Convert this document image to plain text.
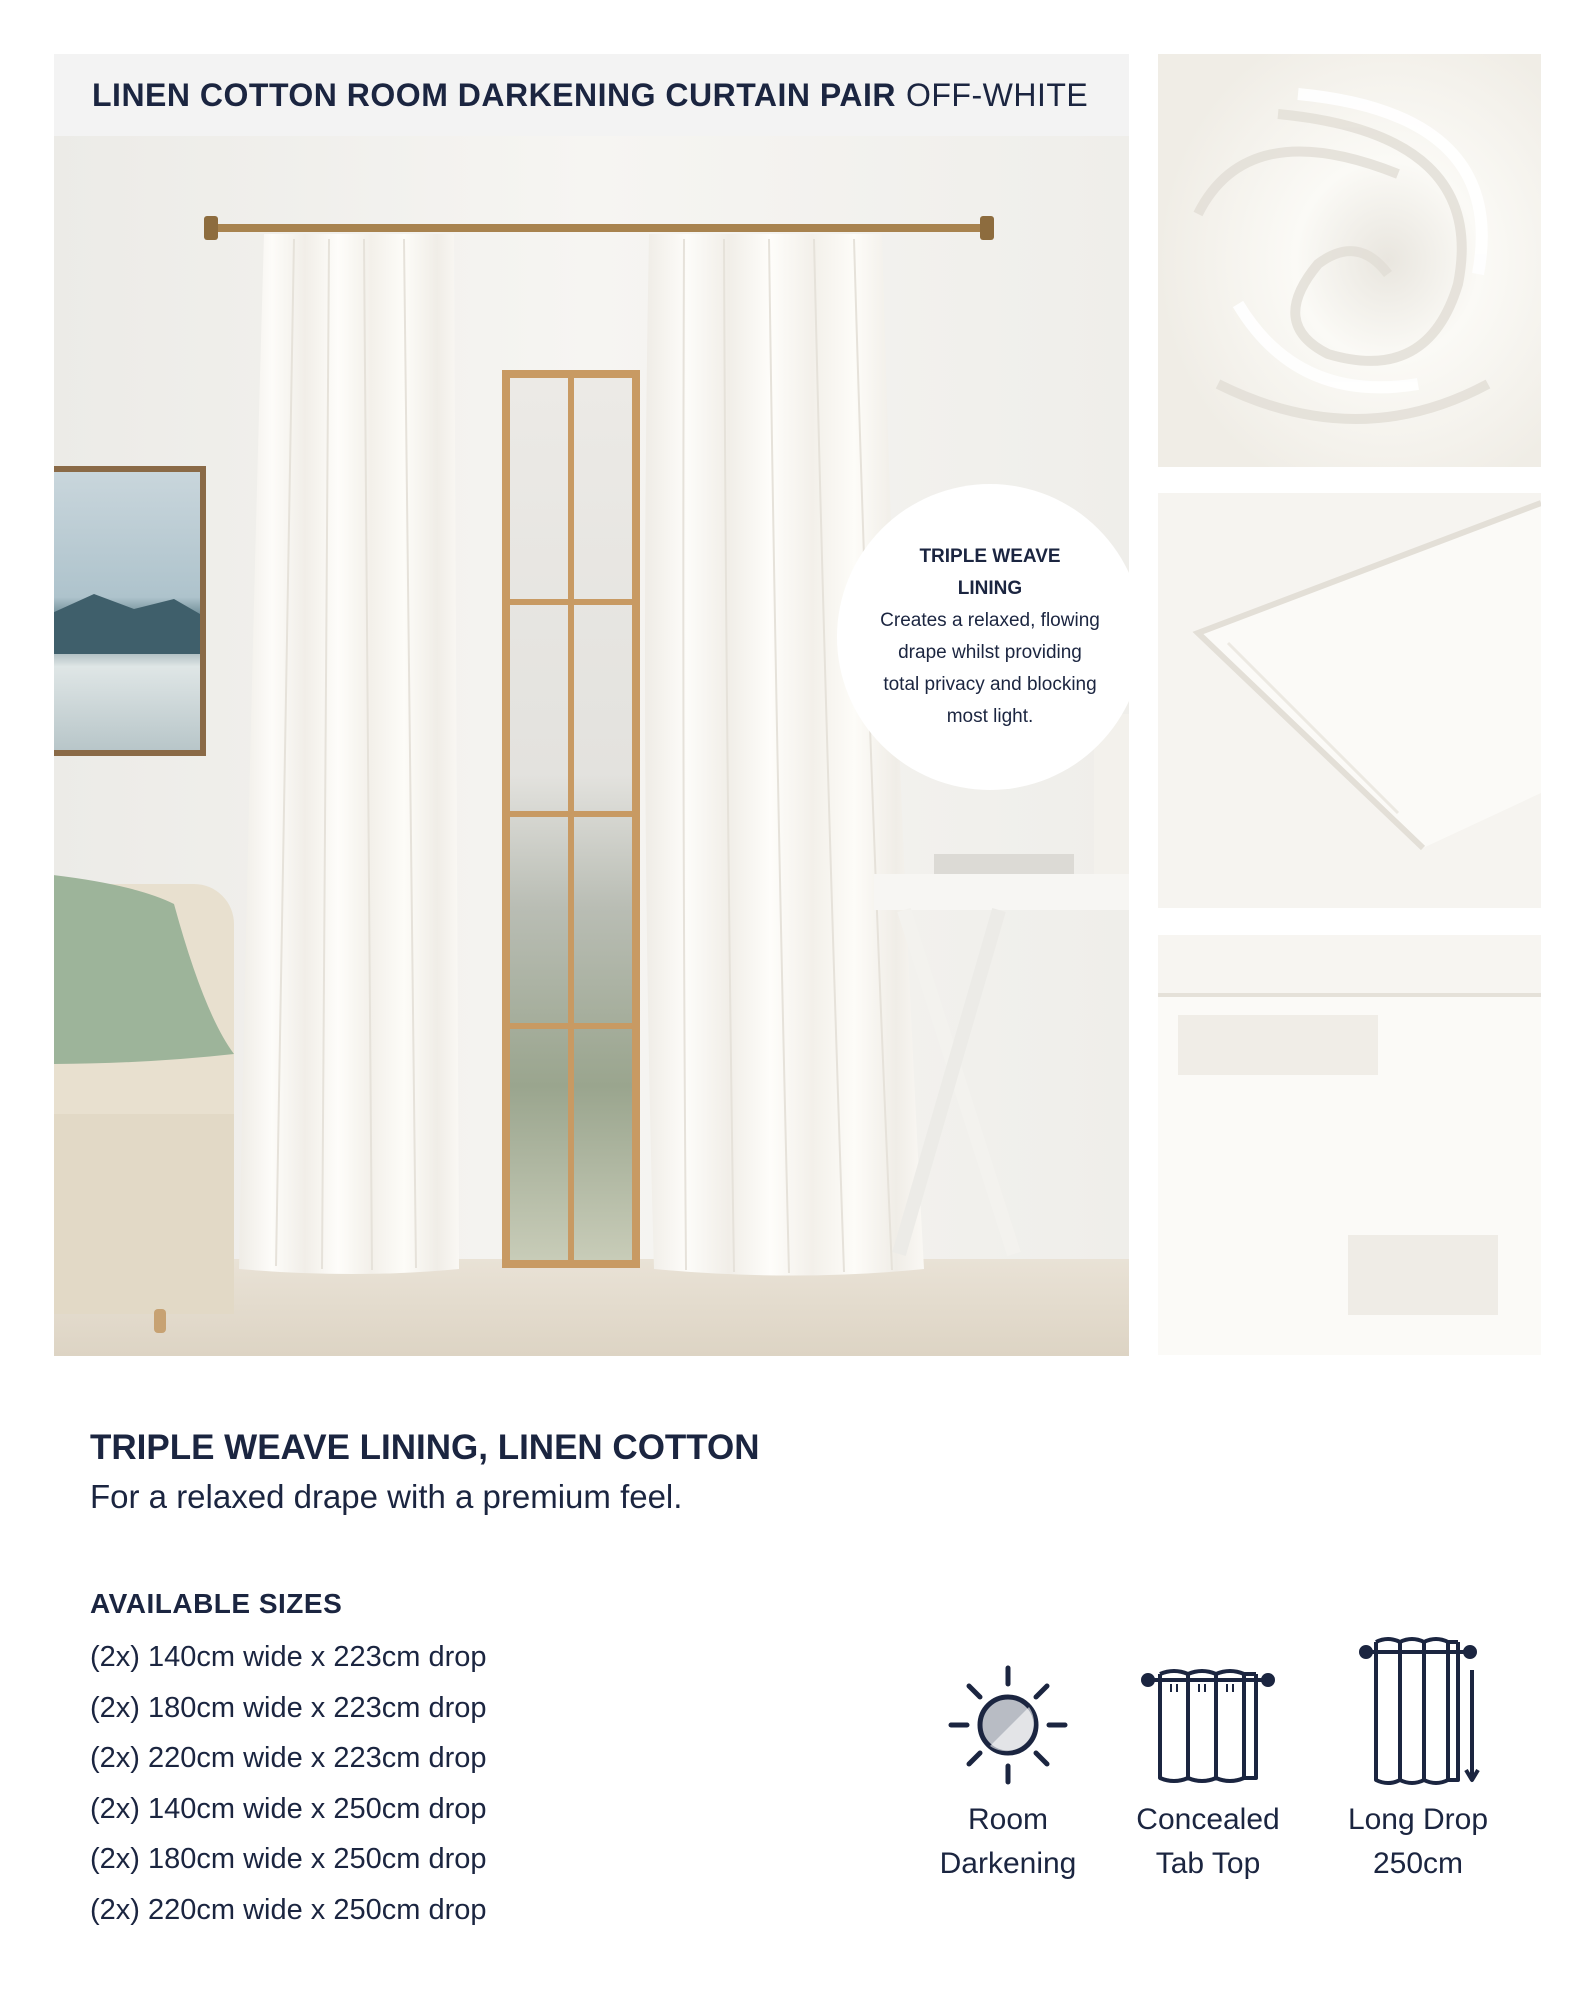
LINEN COTTON ROOM DARKENING CURTAIN PAIR OFF-WHITE
TRIPLE WEAVE LINING
Creates a relaxed, flowing
drape whilst providing
total privacy and blocking
most light.
TRIPLE WEAVE LINING, LINEN COTTON
For a relaxed drape with a premium feel.
AVAILABLE SIZES
(2x) 140cm wide x 223cm drop
(2x) 180cm wide x 223cm drop
(2x) 220cm wide x 223cm drop
(2x) 140cm wide x 250cm drop
(2x) 180cm wide x 250cm drop
(2x) 220cm wide x 250cm drop
Room
Darkening
Concealed
Tab Top
Long Drop
250cm
